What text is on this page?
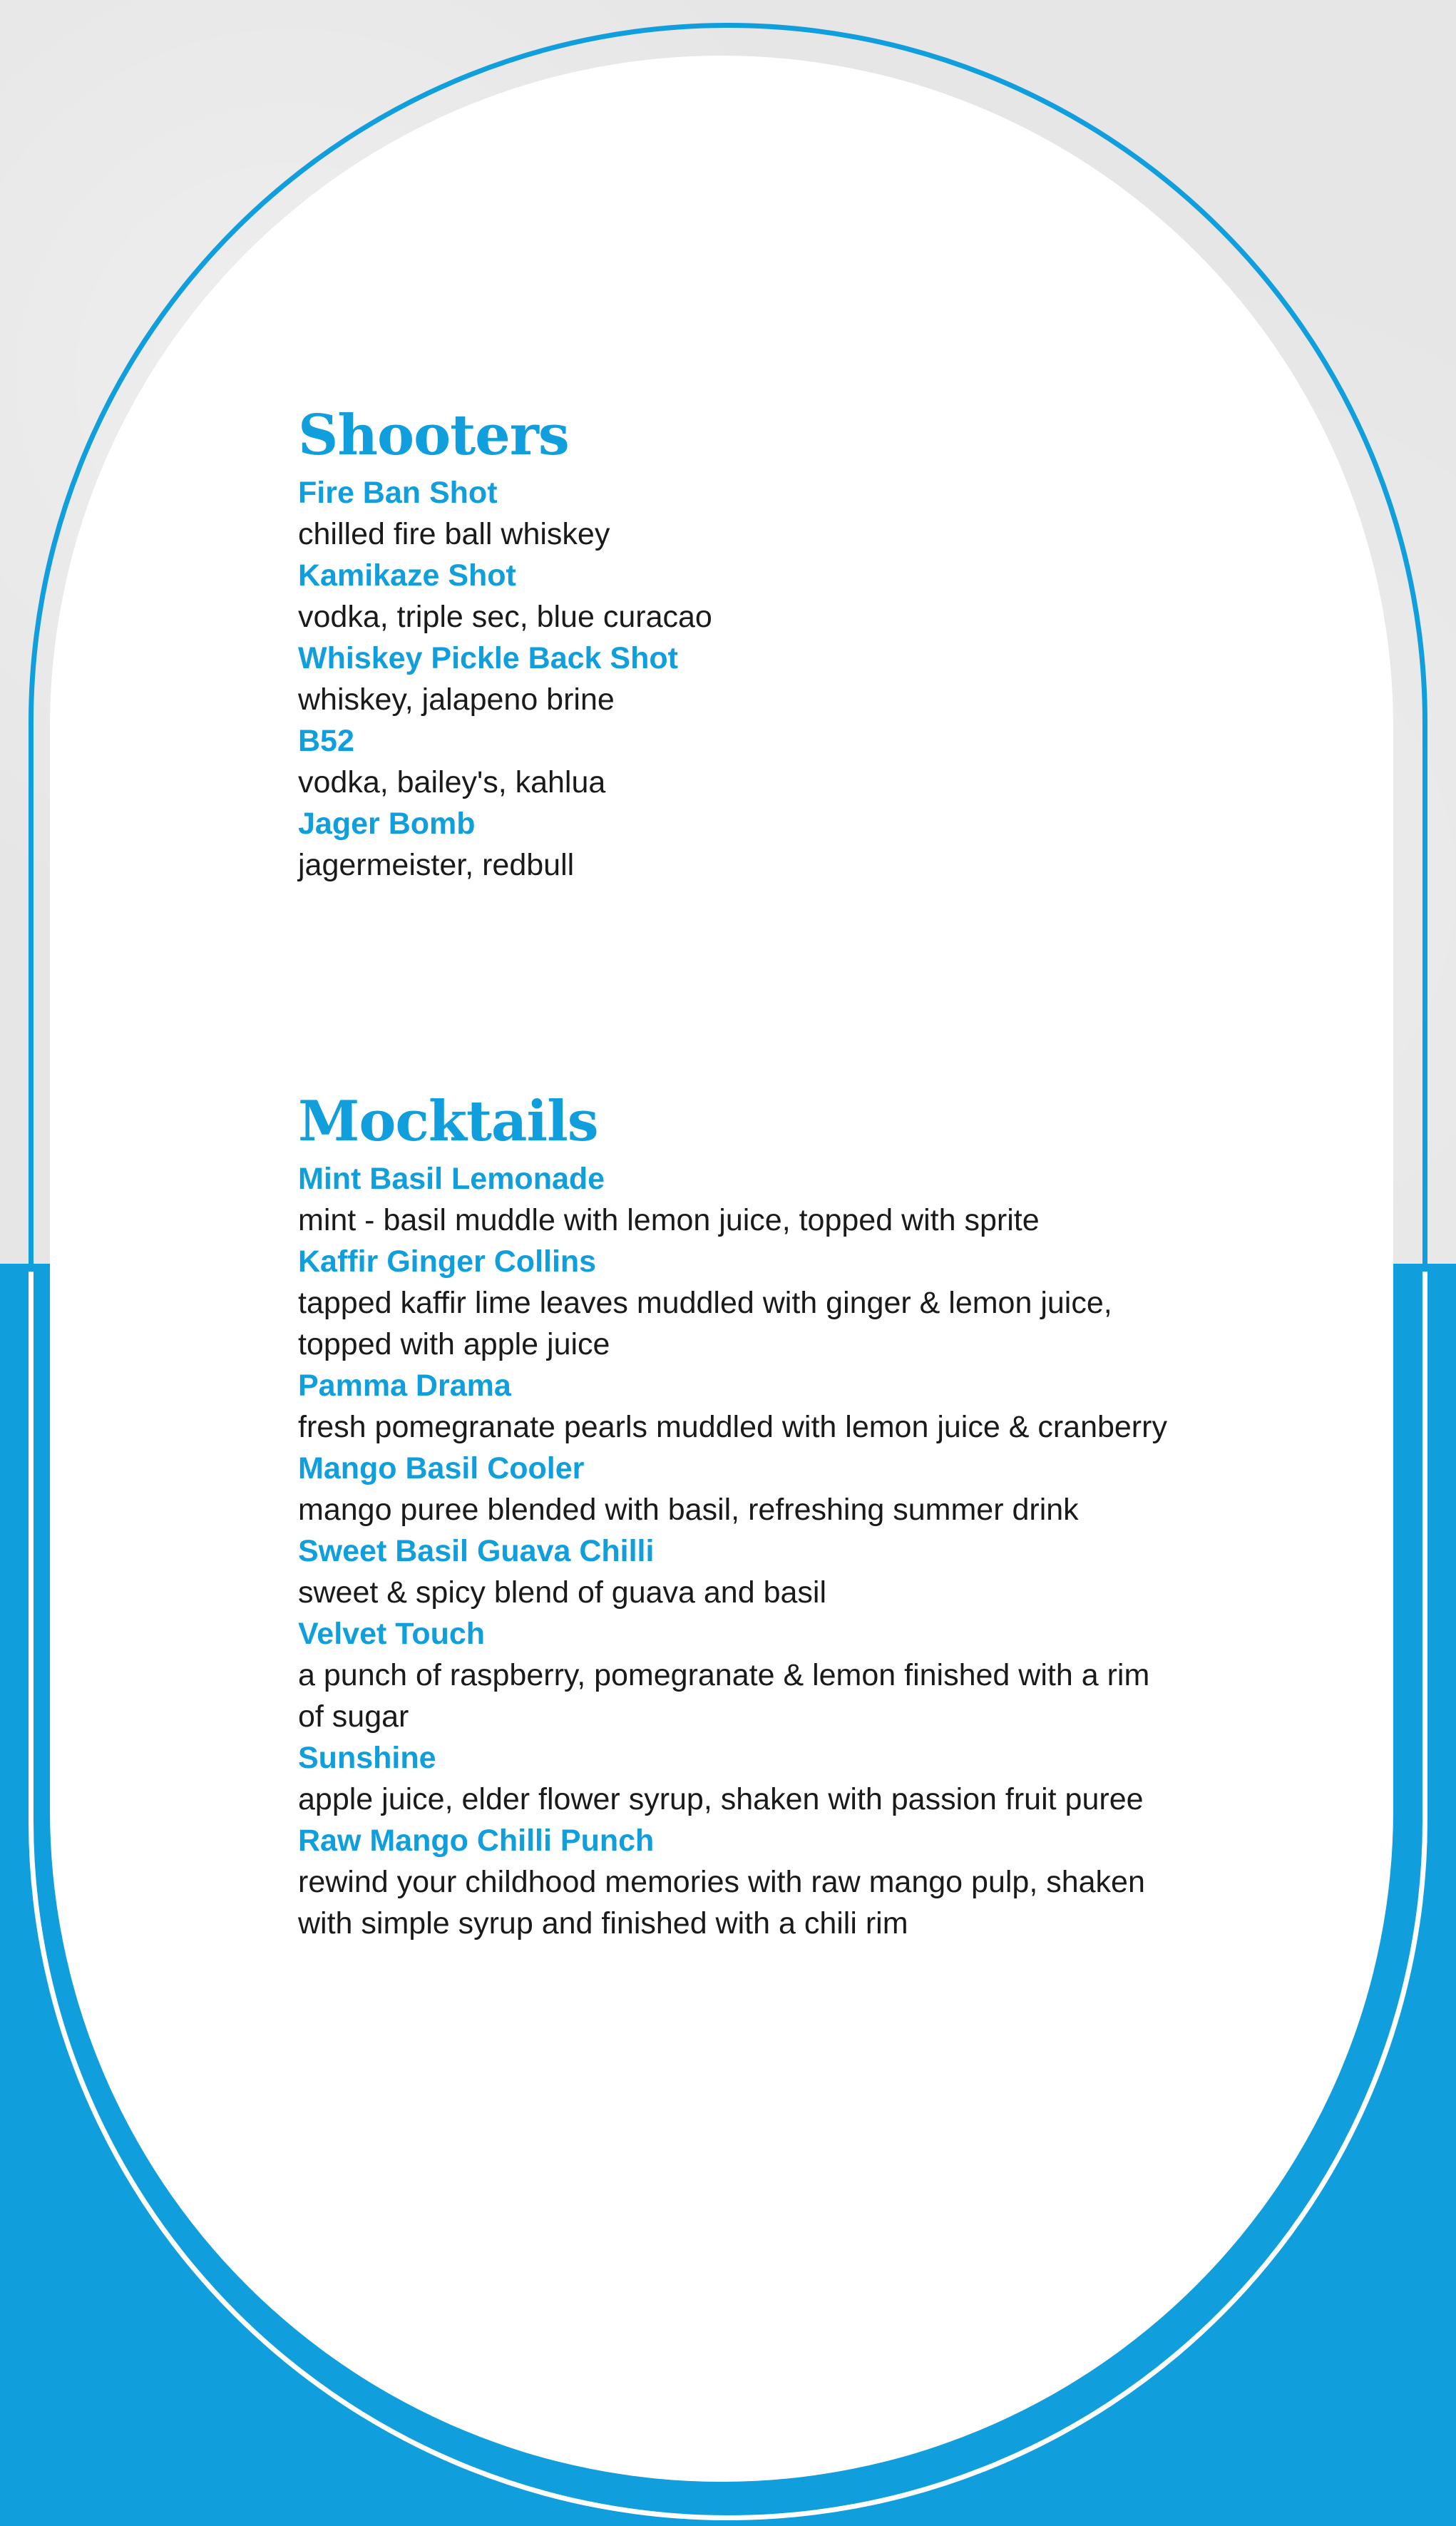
Shooters

Fire Ban Shot

chilled fire ball whiskey

Kamikaze Shot

vodka, triple sec, blue curacao

Whiskey Pickle Back Shot

whiskey, jalapeno brine

B52

vodka, bailey's, kahlua

Jager Bomb

jagermeister, redbull

Mocktails

Mint Basil Lemonade

mint - basil muddle with lemon juice, topped with sprite

Kaffir Ginger Collins

tapped kaffir lime leaves muddled with ginger & lemon juice, topped with apple juice

Pamma Drama

fresh pomegranate pearls muddled with lemon juice & cranberry

Mango Basil Cooler

mango puree blended with basil, refreshing summer drink

Sweet Basil Guava Chilli

sweet & spicy blend of guava and basil

Velvet Touch

a punch of raspberry, pomegranate & lemon finished with a rim of sugar

Sunshine

apple juice, elder flower syrup, shaken with passion fruit puree

Raw Mango Chilli Punch

rewind your childhood memories with raw mango pulp, shaken with simple syrup and finished with a chili rim
